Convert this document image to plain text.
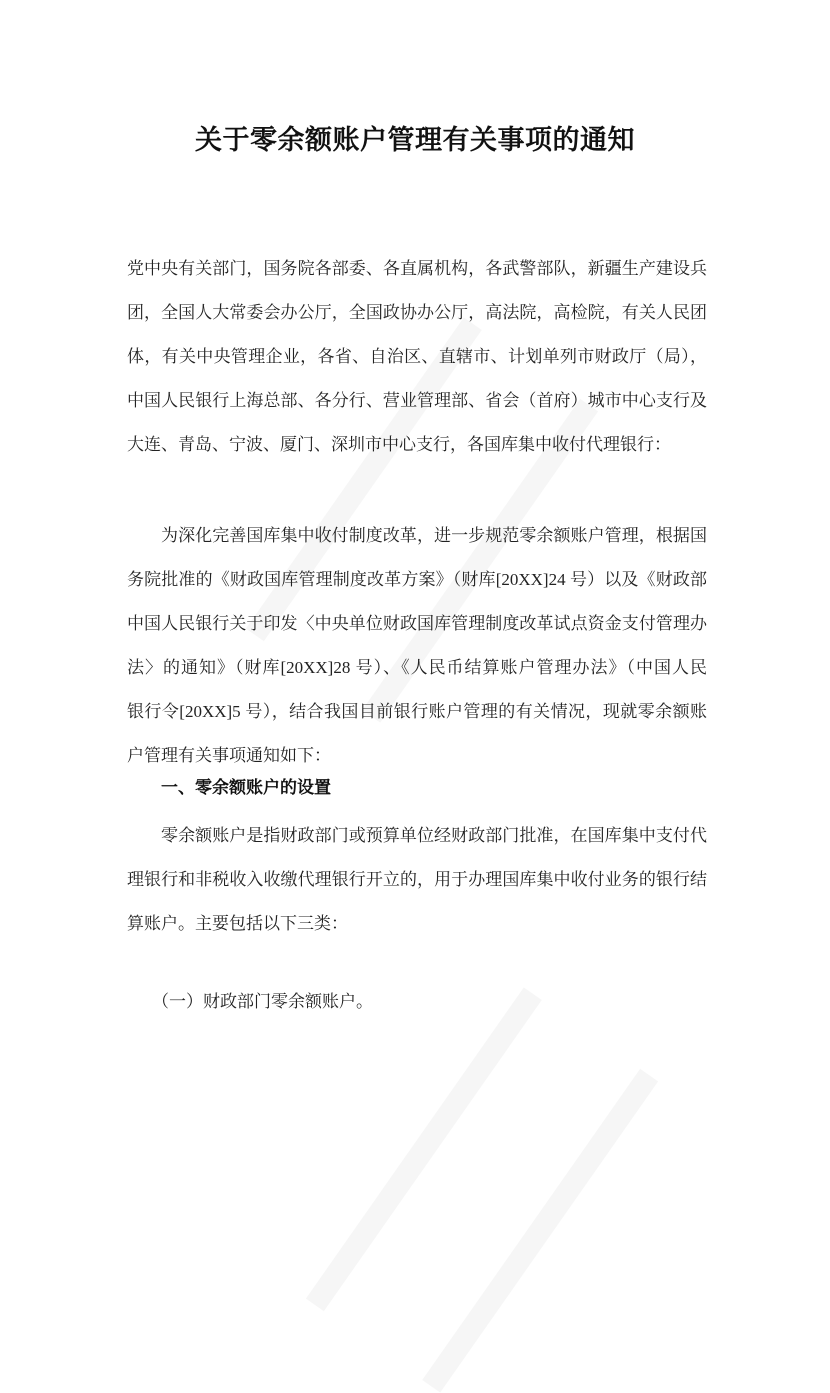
关于零余额账户管理有关事项的通知
党中央有关部门，国务院各部委、各直属机构，各武警部队，新疆生产建设兵
团，全国人大常委会办公厅，全国政协办公厅，高法院，高检院，有关人民团
体，有关中央管理企业，各省、自治区、直辖市、计划单列市财政厅（局），
中国人民银行上海总部、各分行、营业管理部、省会（首府）城市中心支行及
大连、青岛、宁波、厦门、深圳市中心支行，各国库集中收付代理银行：
为深化完善国库集中收付制度改革，进一步规范零余额账户管理，根据国
务院批准的《财政国库管理制度改革方案》（财库[20XX]24 号）以及《财政部
中国人民银行关于印发〈中央单位财政国库管理制度改革试点资金支付管理办
法〉的通知》（财库[20XX]28 号）、《人民币结算账户管理办法》（中国人民
银行令[20XX]5 号），结合我国目前银行账户管理的有关情况，现就零余额账
户管理有关事项通知如下：
一、零余额账户的设置
零余额账户是指财政部门或预算单位经财政部门批准，在国库集中支付代
理银行和非税收入收缴代理银行开立的，用于办理国库集中收付业务的银行结
算账户。主要包括以下三类：
（一）财政部门零余额账户。
